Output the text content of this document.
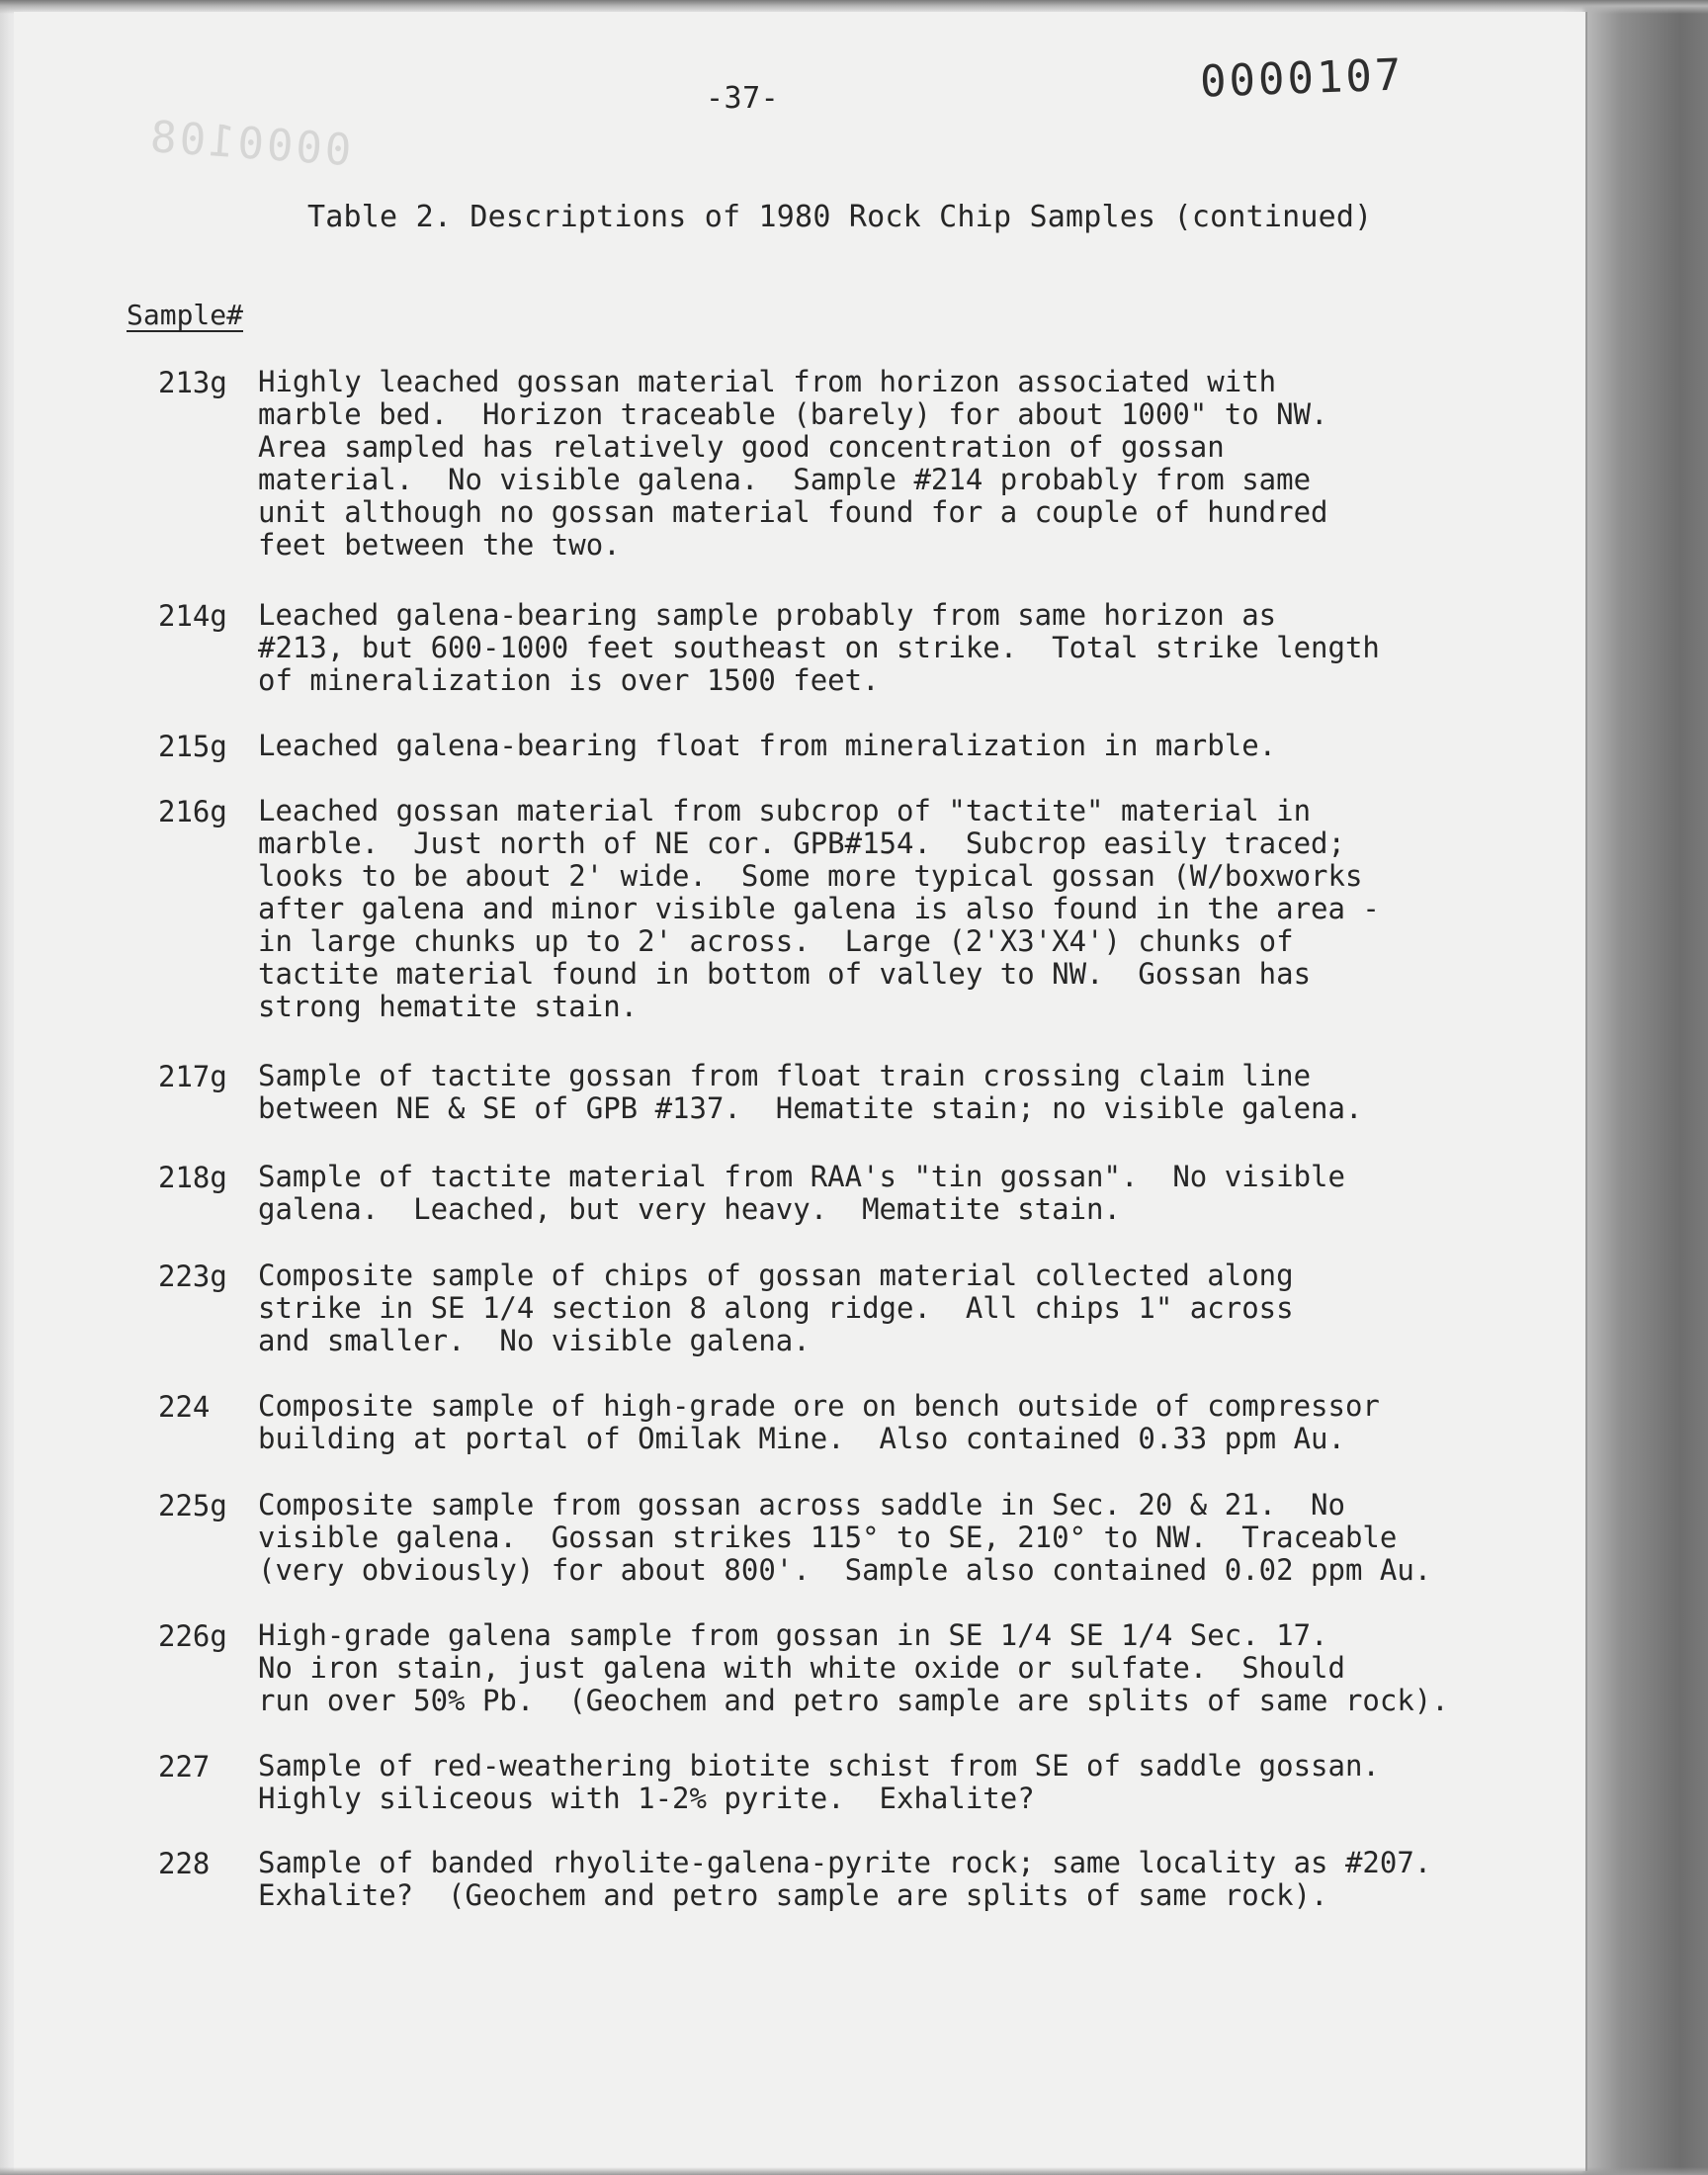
0000108
-37-	0000107
Table 2. Descriptions of 1980 Rock Chip Samples (continued)
Sample#
213g Highly leached gossan material from horizon associated with
marble bed.  Horizon traceable (barely) for about 1000" to NW.
Area sampled has relatively good concentration of gossan
material.  No visible galena.  Sample #214 probably from same
unit although no gossan material found for a couple of hundred
feet between the two.
214g Leached galena-bearing sample probably from same horizon as
#213, but 600-1000 feet southeast on strike.  Total strike length
of mineralization is over 1500 feet.
215g Leached galena-bearing float from mineralization in marble.
216g Leached gossan material from subcrop of "tactite" material in
marble.  Just north of NE cor. GPB#154.  Subcrop easily traced;
looks to be about 2' wide.  Some more typical gossan (W/boxworks
after galena and minor visible galena is also found in the area -
in large chunks up to 2' across.  Large (2'X3'X4') chunks of
tactite material found in bottom of valley to NW.  Gossan has
strong hematite stain.
217g Sample of tactite gossan from float train crossing claim line
between NE & SE of GPB #137.  Hematite stain; no visible galena.
218g Sample of tactite material from RAA's "tin gossan".  No visible
galena.  Leached, but very heavy.  Mematite stain.
223g Composite sample of chips of gossan material collected along
strike in SE 1/4 section 8 along ridge.  All chips 1" across
and smaller.  No visible galena.
224 Composite sample of high-grade ore on bench outside of compressor
building at portal of Omilak Mine.  Also contained 0.33 ppm Au.
225g Composite sample from gossan across saddle in Sec. 20 & 21.  No
visible galena.  Gossan strikes 115° to SE, 210° to NW.  Traceable
(very obviously) for about 800'.  Sample also contained 0.02 ppm Au.
226g High-grade galena sample from gossan in SE 1/4 SE 1/4 Sec. 17.
No iron stain, just galena with white oxide or sulfate.  Should
run over 50% Pb.  (Geochem and petro sample are splits of same rock).
227 Sample of red-weathering biotite schist from SE of saddle gossan.
Highly siliceous with 1-2% pyrite.  Exhalite?
228 Sample of banded rhyolite-galena-pyrite rock; same locality as #207.
Exhalite?  (Geochem and petro sample are splits of same rock).
